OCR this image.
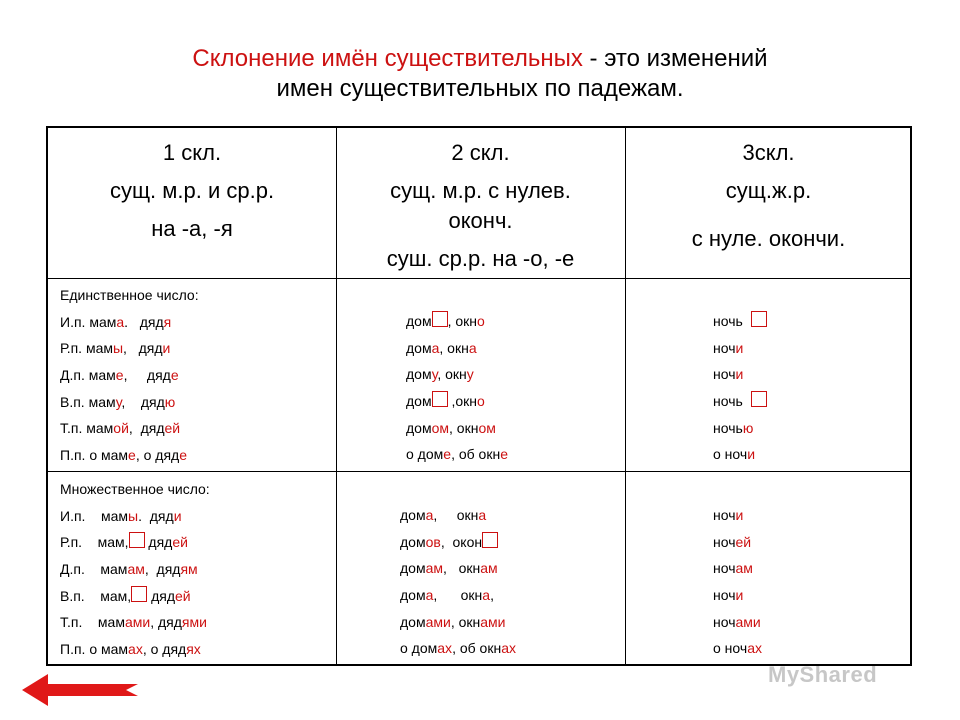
Склонение имён существительных - это изменений
имен существительных по падежам.
1 скл.
сущ. м.р. и ср.р.
на -а, -я
2 скл.
сущ. м.р. с нулев.
оконч.
суш. ср.р. на -о, -е
3скл.
сущ.ж.р.
с нуле. окончи.
Единственное число:
И.п. мама.   дядя
Р.п. мамы,   дяди
Д.п. маме,     дяде
В.п. маму,    дядю
Т.п. мамой,  дядей
П.п. о маме, о дяде
дом , окно
дома, окна
дому, окну
дом ,окно
домом, окном
о доме, об окне
ночь
ночи
ночи
ночь
ночью
о ночи
Множественное число:
И.п.    мамы.  дяди
Р.п.    мам, дядей
Д.п.    мамам,  дядям
В.п.    мам, дядей
Т.п.    мамами, дядями
П.п. о мамах, о дядях
дома,     окна
домов,  окон
домам,   окнам
дома,      окна,
домами, окнами
о домах, об окнах
ночи
ночей
ночам
ночи
ночами
о ночах
MyShared
